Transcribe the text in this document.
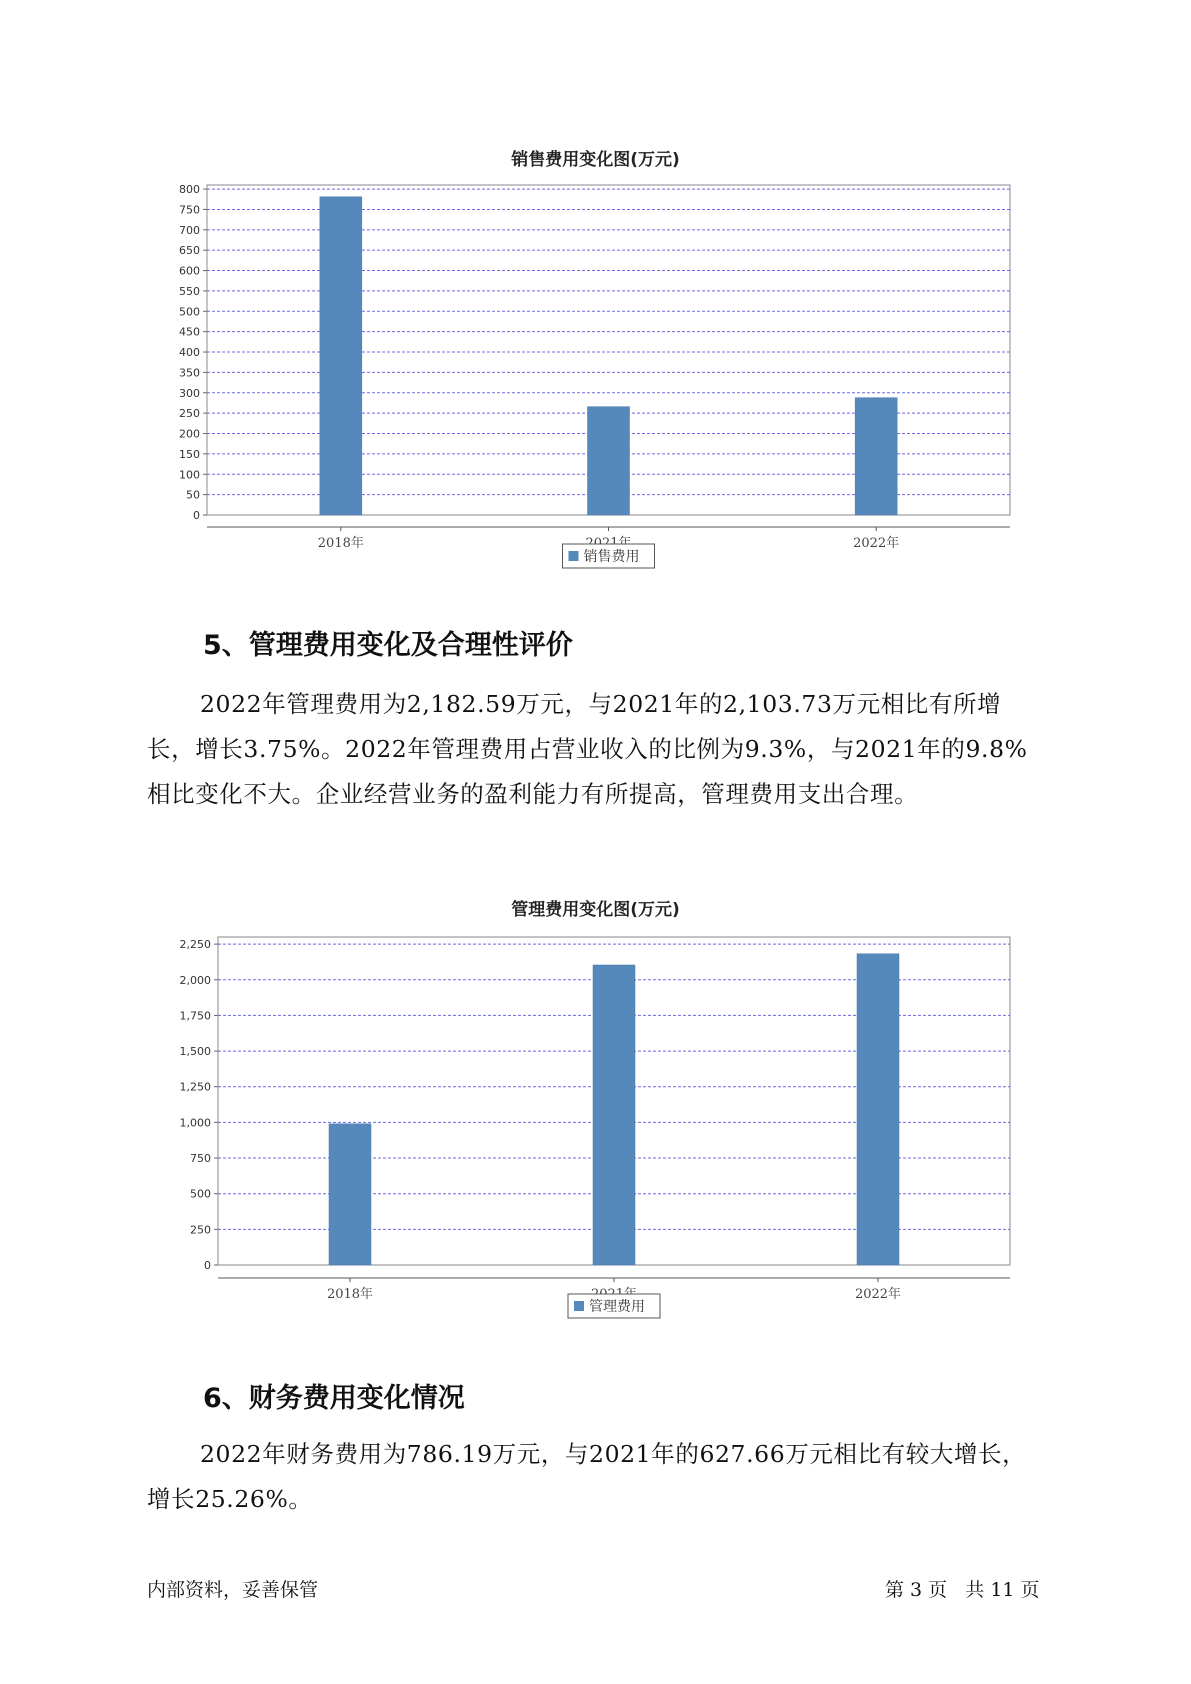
销售费用变化图(万元)
0
50
100
150
200
250
300
350
400
450
500
550
600
650
700
750
800
2018年	2022年
销售费用
5、管理费用变化及合理性评价

2022年管理费用为2,182.59万元，与2021年的2,103.73万元相比有所增长，增长3.75%。2022年管理费用占营业收入的比例为9.3%，与2021年的9.8%相比变化不大。企业经营业务的盈利能力有所提高，管理费用支出合理。

管理费用变化图(万元)
0
250
500
750
1,000
1,250
1,500
1,750
2,000
2,250
2018年	2022年
管理费用
6、财务费用变化情况

2022年财务费用为786.19万元，与2021年的627.66万元相比有较大增长，增长25.26%。

内部资料，妥善保管	第 3 页   共 11 页
